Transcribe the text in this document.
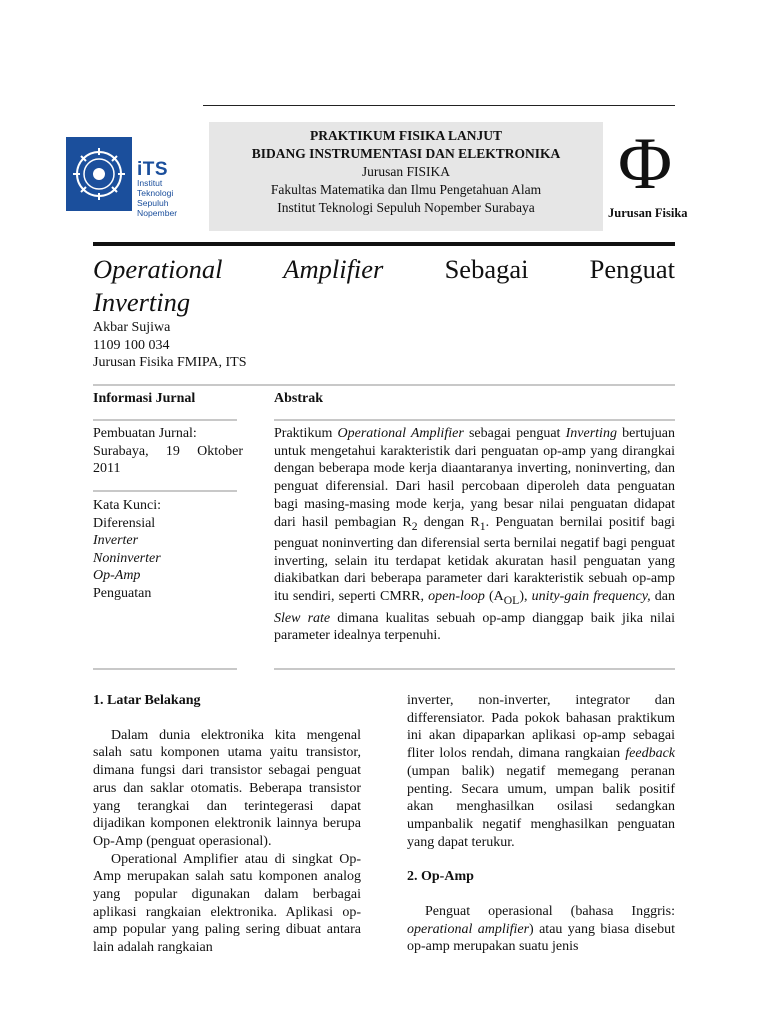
iTS
Institut
Teknologi
Sepuluh Nopember
PRAKTIKUM FISIKA LANJUT
BIDANG INSTRUMENTASI DAN ELEKTRONIKA
Jurusan FISIKA
Fakultas Matematika dan Ilmu Pengetahuan Alam
Institut Teknologi Sepuluh Nopember Surabaya
Φ
Jurusan Fisika
Operational Amplifier Sebagai Penguat
Inverting
Akbar Sujiwa
1109 100 034
Jurusan Fisika FMIPA, ITS
Informasi Jurnal	Abstrak
Pembuatan Jurnal:
Surabaya, 19 Oktober 2011
Kata Kunci:
Diferensial
Inverter
Noninverter
Op-Amp
Penguatan
Praktikum Operational Amplifier sebagai penguat Inverting bertujuan untuk mengetahui karakteristik dari penguatan op-amp yang dirangkai dengan beberapa mode kerja diaantaranya inverting, noninverting, dan penguat diferensial. Dari hasil percobaan diperoleh data penguatan bagi masing-masing mode kerja, yang besar nilai penguatan didapat dari hasil pembagian $R_2$ dengan $R_1$. Penguatan bernilai positif bagi penguat noninverting dan diferensial serta bernilai negatif bagi penguat inverting, selain itu terdapat ketidak akuratan hasil penguatan yang diakibatkan dari beberapa parameter dari karakteristik sebuah op-amp itu sendiri, seperti CMRR, open-loop $(A_{OL})$, unity-gain frequency, dan Slew rate dimana kualitas sebuah op-amp dianggap baik jika nilai parameter idealnya terpenuhi.

1. Latar Belakang

Dalam dunia elektronika kita mengenal salah satu komponen utama yaitu transistor, dimana fungsi dari transistor sebagai penguat arus dan saklar otomatis. Beberapa transistor yang terangkai dan terintegerasi dapat dijadikan komponen elektronik lainnya berupa Op-Amp (penguat operasional).

Operational Amplifier atau di singkat Op-Amp merupakan salah satu komponen analog yang popular digunakan dalam berbagai aplikasi rangkaian elektronika. Aplikasi op-amp popular yang paling sering dibuat antara lain adalah rangkaian

inverter, non-inverter, integrator dan differensiator. Pada pokok bahasan praktikum ini akan dipaparkan aplikasi op-amp sebagai fliter lolos rendah, dimana rangkaian feedback (umpan balik) negatif memegang peranan penting. Secara umum, umpan balik positif akan menghasilkan osilasi sedangkan umpanbalik negatif menghasilkan penguatan yang dapat terukur.

2. Op-Amp

Penguat operasional (bahasa Inggris: operational amplifier) atau yang biasa disebut op-amp merupakan suatu jenis
